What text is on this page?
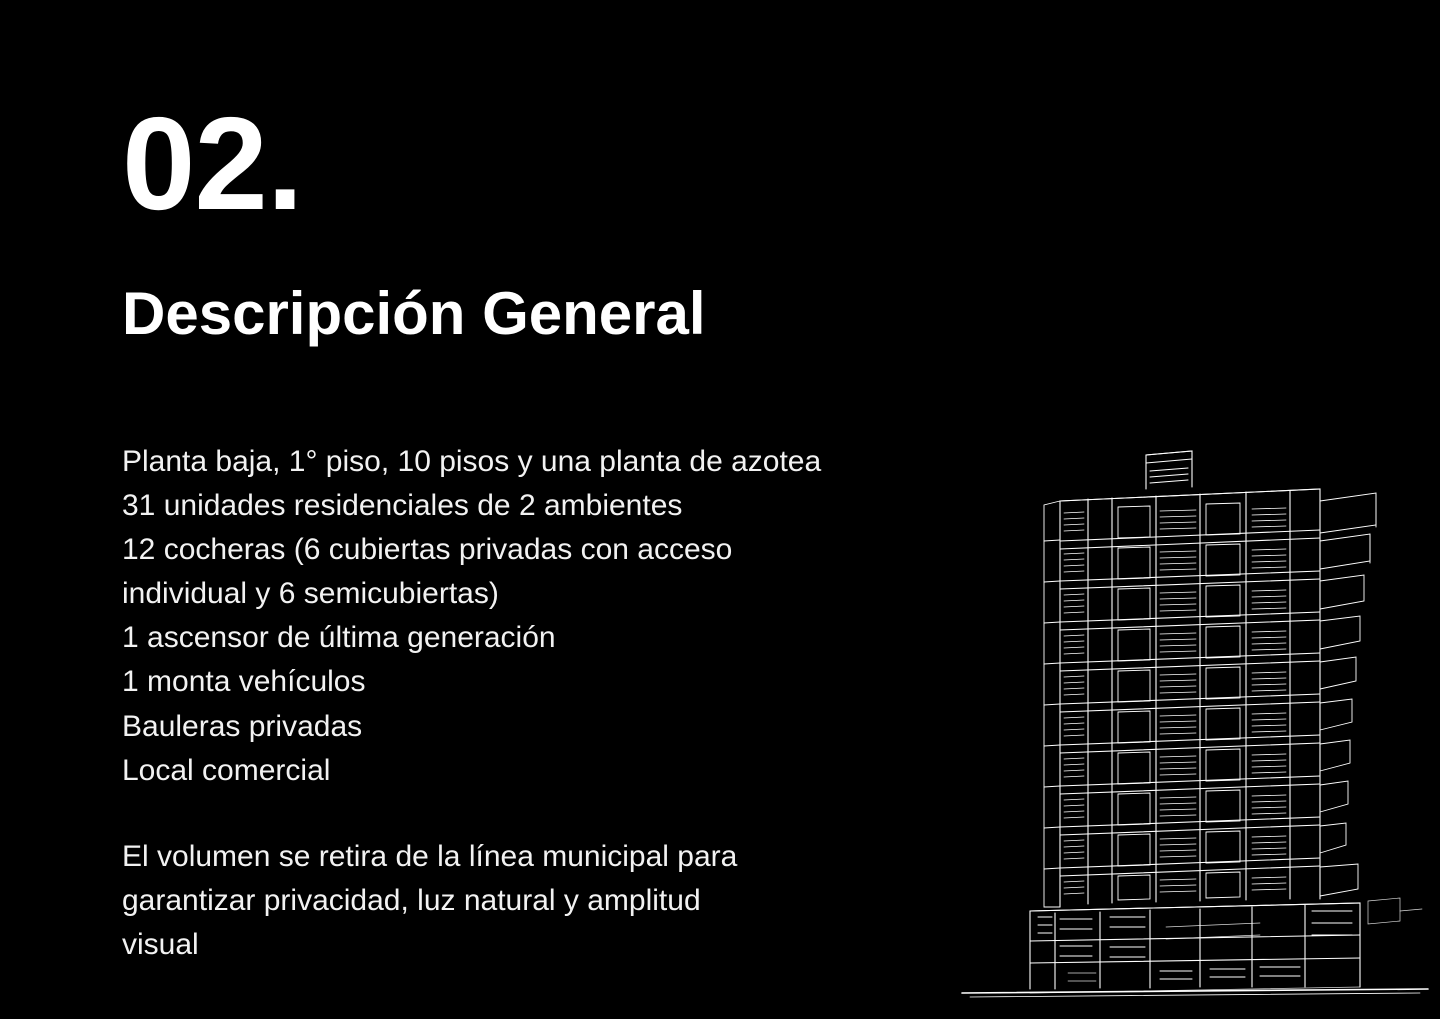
02.
Descripción General
Planta baja, 1° piso, 10 pisos y una planta de azotea
31 unidades residenciales de 2 ambientes
12 cocheras (6 cubiertas privadas con acceso
individual y 6 semicubiertas)
1 ascensor de última generación
1 monta vehículos
Bauleras privadas
Local comercial
El volumen se retira de la línea municipal para
garantizar privacidad, luz natural y amplitud
visual
